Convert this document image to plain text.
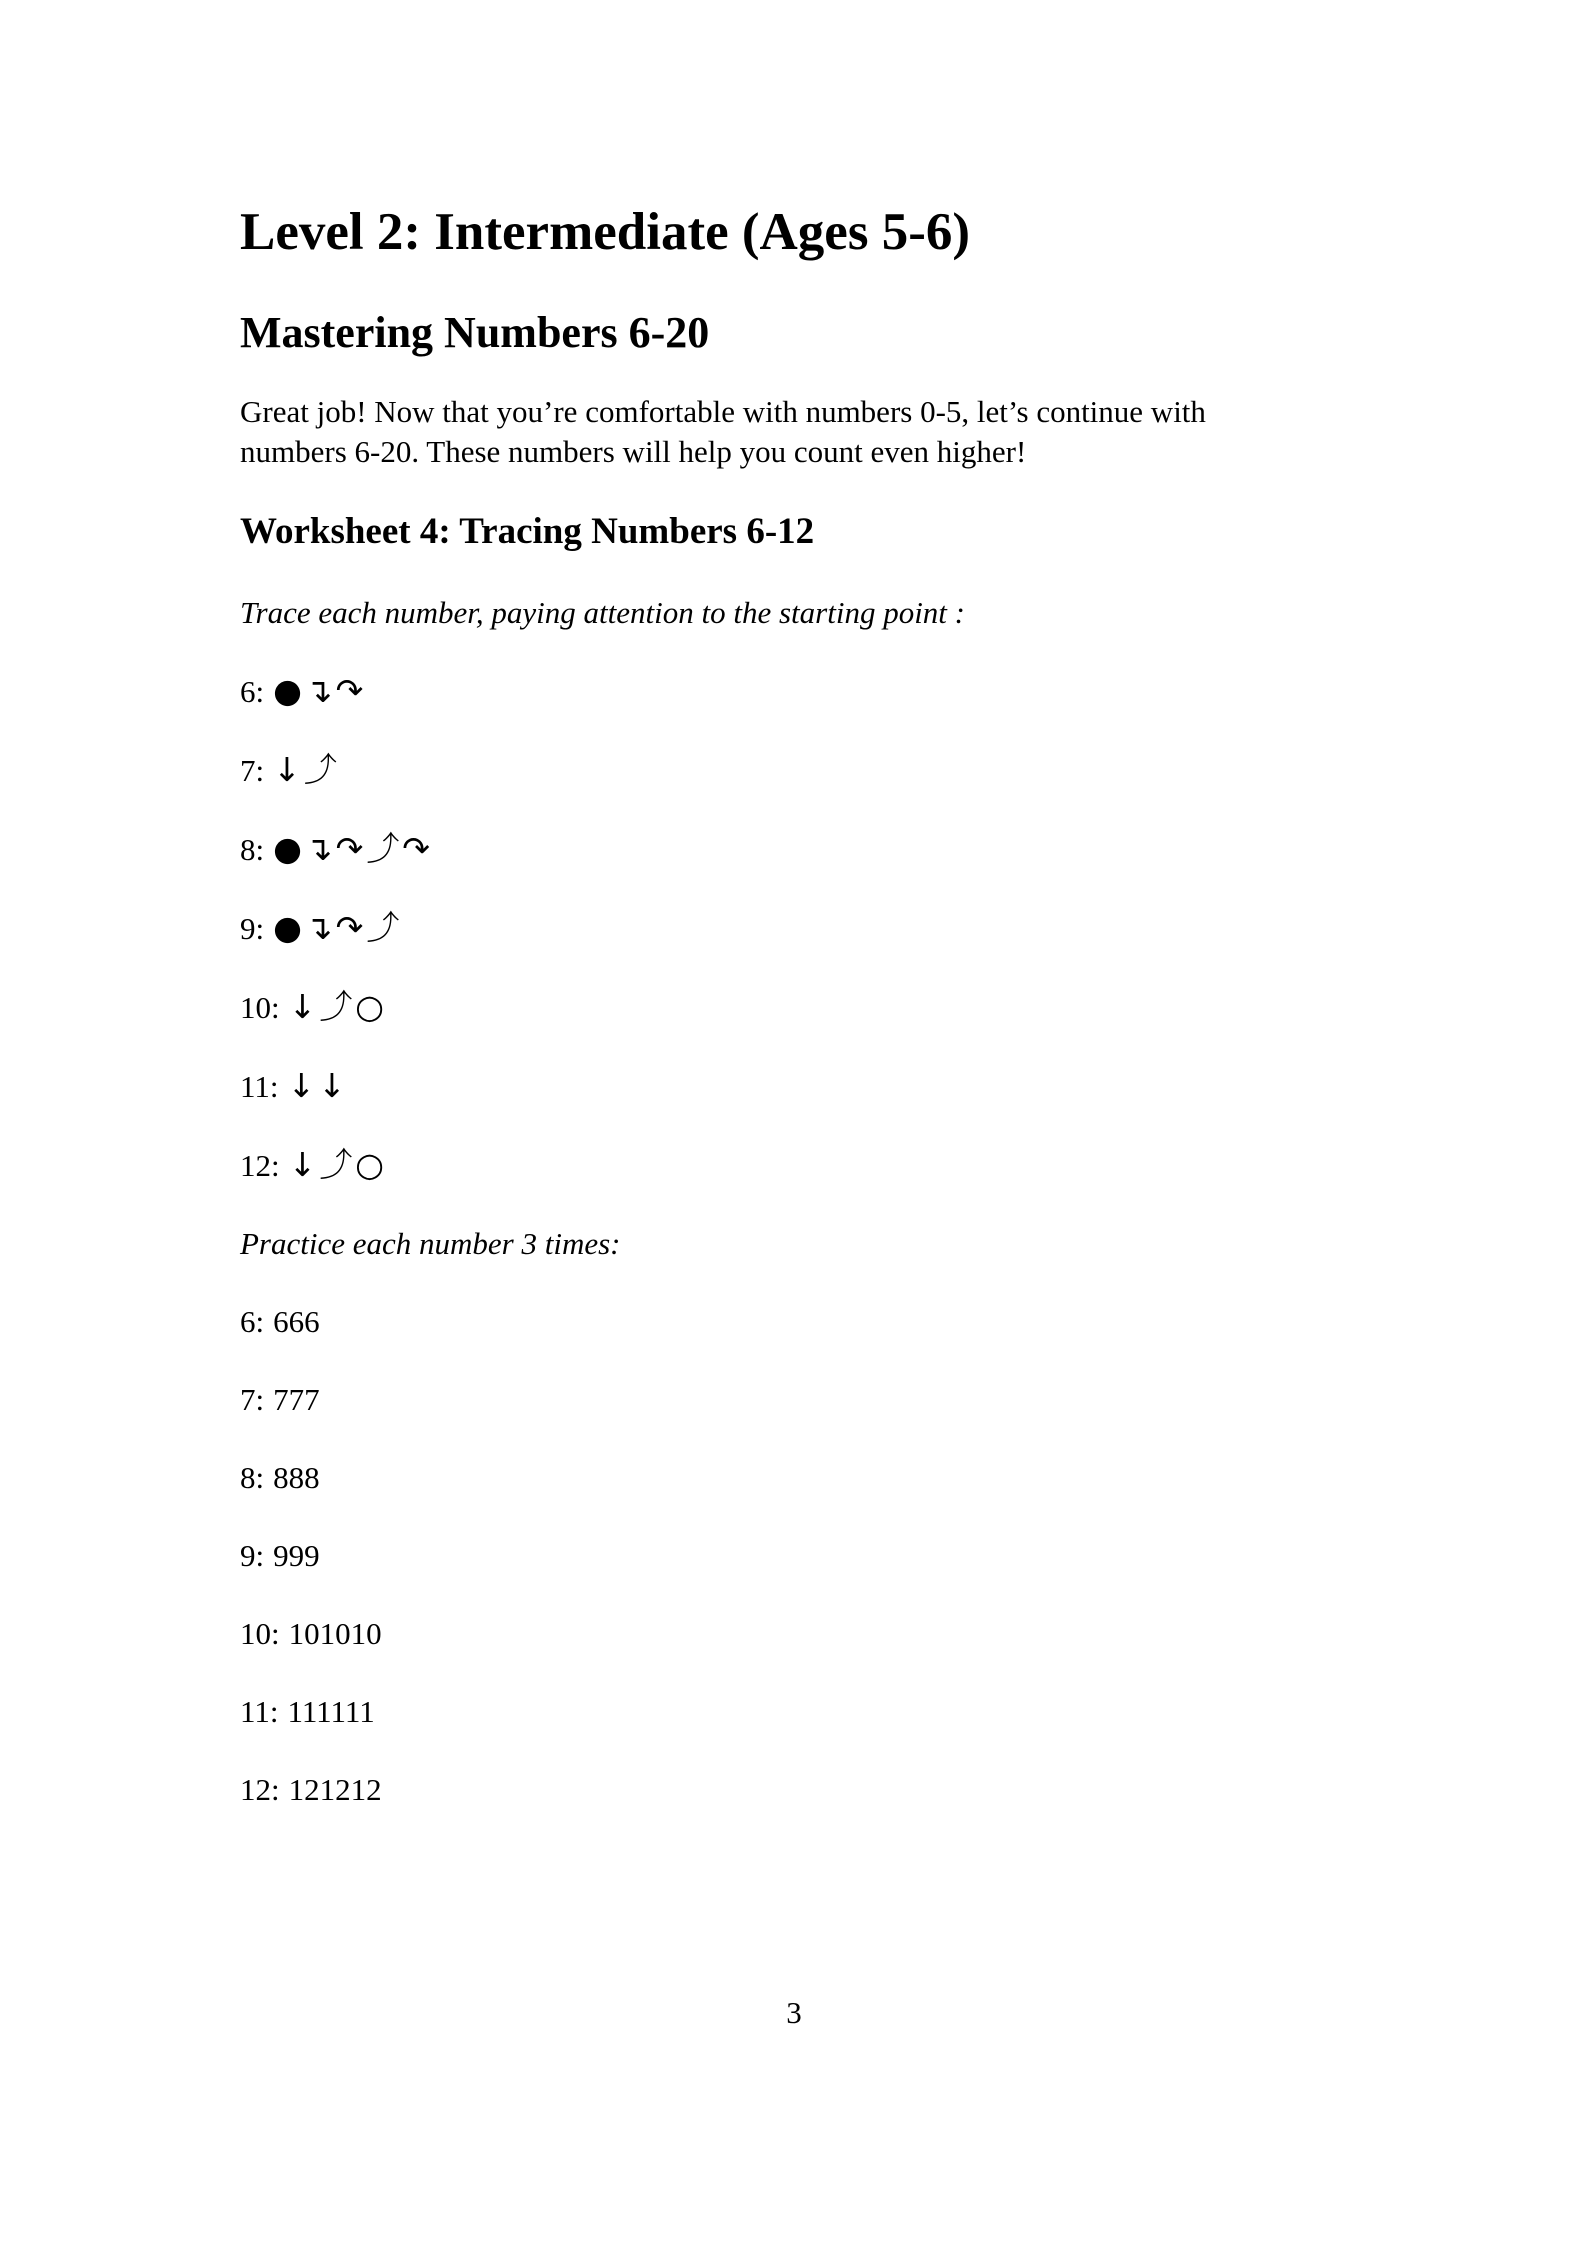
Level 2: Intermediate (Ages 5-6)
Mastering Numbers 6-20

Great job! Now that you’re comfortable with numbers 0-5, let’s continue with
numbers 6-20. These numbers will help you count even higher!

Worksheet 4: Tracing Numbers 6-12

Trace each number, paying attention to the starting point :

6: ●↴↷

7: ↓⤴︎

8: ●↴↷⤴︎↷

9: ●↴↷⤴︎

10: ↓⤴︎○

11: ↓↓

12: ↓⤴︎○

Practice each number 3 times:

6: 666

7: 777

8: 888

9: 999

10: 101010

11: 111111

12: 121212

3
